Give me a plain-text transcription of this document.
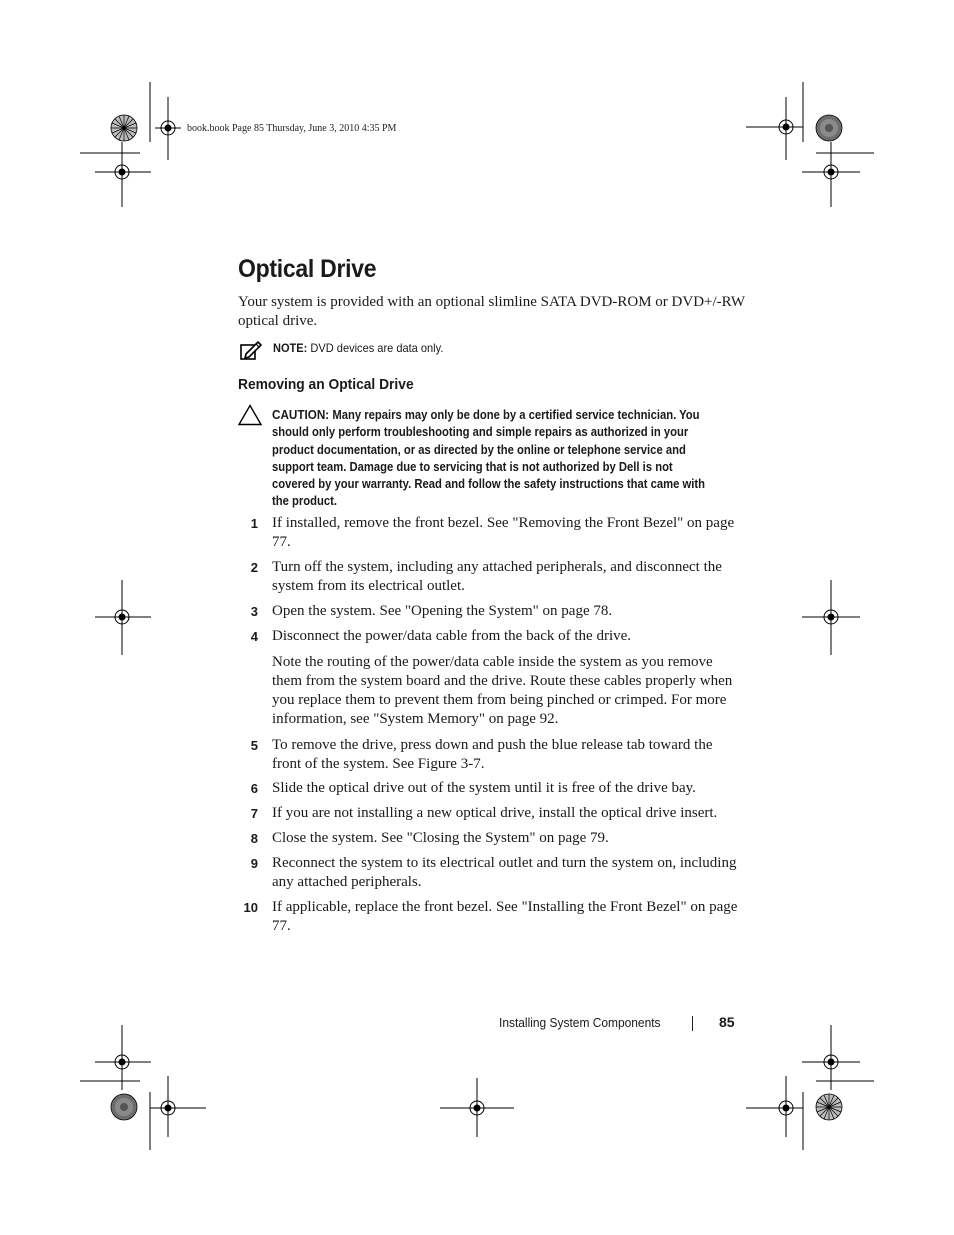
book.book Page 85 Thursday, June 3, 2010 4:35 PM
Optical Drive
Your system is provided with an optional slimline SATA DVD-ROM or DVD+/-RW optical drive.
NOTE: DVD devices are data only.
Removing an Optical Drive
CAUTION: Many repairs may only be done by a certified service technician. You should only perform troubleshooting and simple repairs as authorized in your product documentation, or as directed by the online or telephone service and support team. Damage due to servicing that is not authorized by Dell is not covered by your warranty. Read and follow the safety instructions that came with the product.
1 If installed, remove the front bezel. See "Removing the Front Bezel" on page 77.
2 Turn off the system, including any attached peripherals, and disconnect the system from its electrical outlet.
3 Open the system. See "Opening the System" on page 78.
4 Disconnect the power/data cable from the back of the drive.
Note the routing of the power/data cable inside the system as you remove them from the system board and the drive. Route these cables properly when you replace them to prevent them from being pinched or crimped. For more information, see "System Memory" on page 92.
5 To remove the drive, press down and push the blue release tab toward the front of the system. See Figure 3-7.
6 Slide the optical drive out of the system until it is free of the drive bay.
7 If you are not installing a new optical drive, install the optical drive insert.
8 Close the system. See "Closing the System" on page 79.
9 Reconnect the system to its electrical outlet and turn the system on, including any attached peripherals.
10 If applicable, replace the front bezel. See "Installing the Front Bezel" on page 77.
Installing System Components	85
